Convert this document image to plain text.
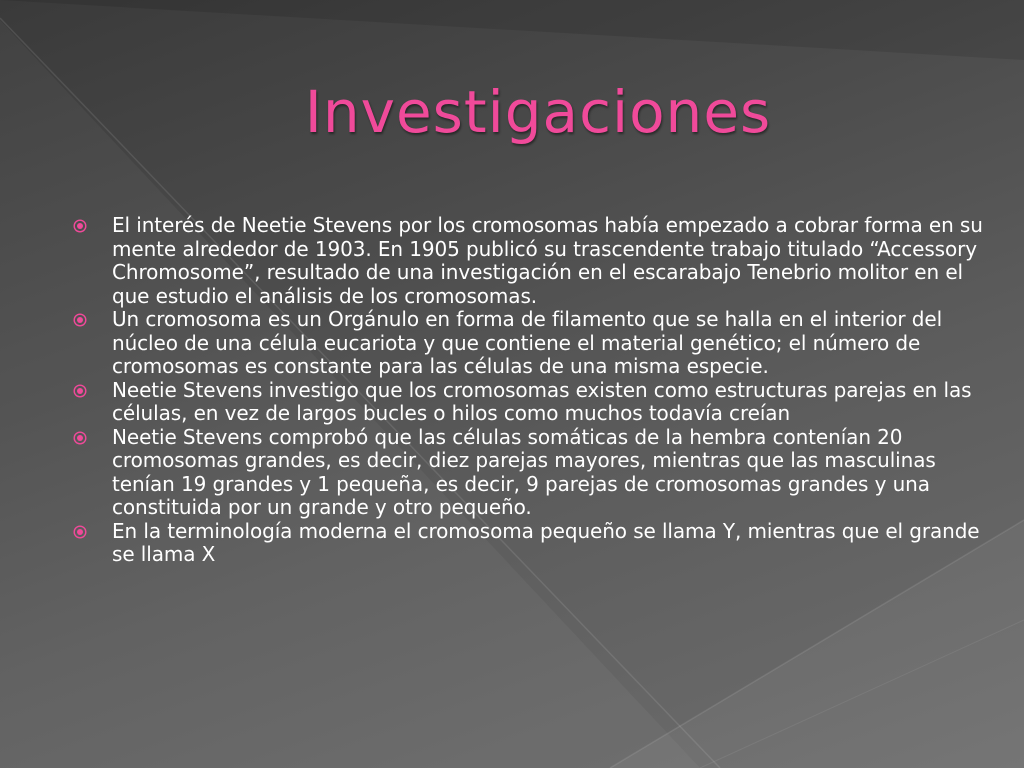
Investigaciones
El interés de Neetie Stevens por los cromosomas había empezado a cobrar forma en su mente alrededor de 1903. En 1905 publicó su trascendente trabajo titulado “Accessory Chromosome”, resultado de una investigación en el escarabajo Tenebrio molitor en el que estudio el análisis de los cromosomas.
Un cromosoma es un Orgánulo en forma de filamento que se halla en el interior del núcleo de una célula eucariota y que contiene el material genético; el número de cromosomas es constante para las células de una misma especie.
Neetie Stevens investigo que los cromosomas existen como estructuras parejas en las células, en vez de largos bucles o hilos como muchos todavía creían
Neetie Stevens comprobó que las células somáticas de la hembra contenían 20 cromosomas grandes, es decir, diez parejas mayores, mientras que las masculinas tenían 19 grandes y 1 pequeña, es decir, 9 parejas de cromosomas grandes y una constituida por un grande y otro pequeño.
En la terminología moderna el cromosoma pequeño se llama Y, mientras que el grande se llama X
